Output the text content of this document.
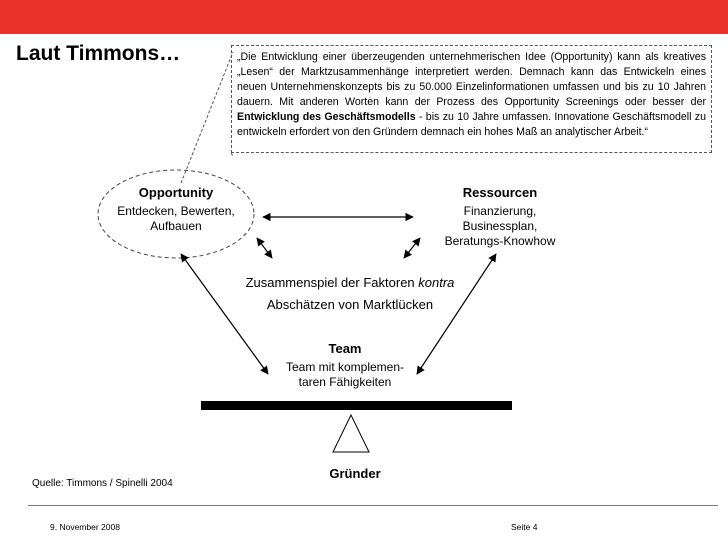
Laut Timmons…	„Die Entwicklung einer überzeugenden unternehmerischen Idee (Opportunity) kann als kreatives „Lesen“ der Marktzusammenhänge interpretiert werden. Demnach kann das Entwickeln eines neuen Unternehmenskonzepts bis zu 50.000 Einzelinformationen umfassen und bis zu 10 Jahren dauern. Mit anderen Worten kann der Prozess des Opportunity Screenings oder besser der Entwicklung des Geschäftsmodells - bis zu 10 Jahre umfassen. Innovatione Geschäftsmodell zu entwickeln erfordert von den Gründern demnach ein hohes Maß an analytischer Arbeit.“
Opportunity
Entdecken, Bewerten,
Aufbauen
Ressourcen
Finanzierung,
Businessplan,
Beratungs-Knowhow
Zusammenspiel der Faktoren kontra
Abschätzen von Marktlücken
Team
Team mit komplemen-
taren Fähigkeiten
Gründer
Quelle: Timmons / Spinelli 2004
9. November 2008	Seite 4
